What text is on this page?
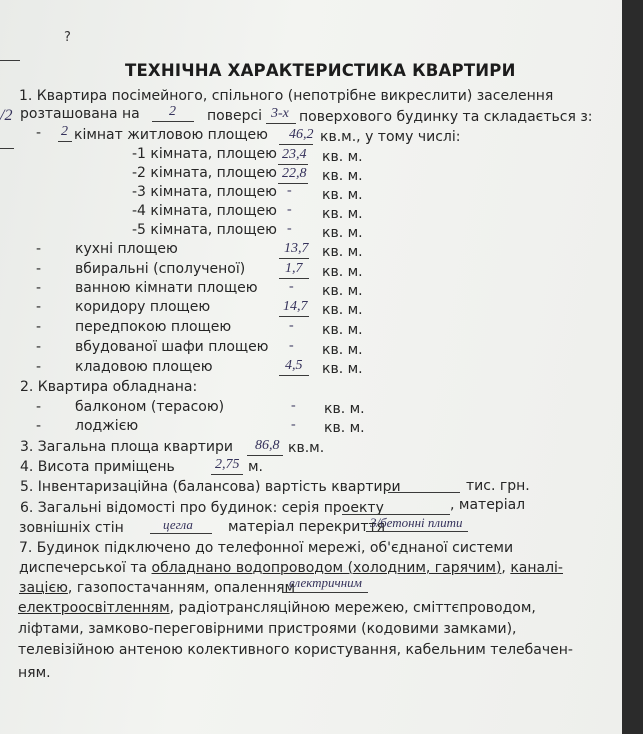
?
/2
ТЕХНІЧНА ХАРАКТЕРИСТИКА КВАРТИРИ
1. Квартира посімейного, спільного (непотрібне викреслити) заселення
розташована на 2 поверсі 3-х поверхового будинку та складається з:
- 2 кімнат житловою площею 46,2 кв.м., у тому числі:
-1 кімната, площею 23,4 кв. м.
-2 кімната, площею 22,8 кв. м.
-3 кімната, площею - кв. м.
-4 кімната, площею - кв. м.
-5 кімната, площею - кв. м.
- кухні площею	13,7 кв. м.
- вбиральні (сполученої)	1,7 кв. м.
- ванною кімнати площею - кв. м.
- коридору площею	14,7 кв. м.
- передпокою площею	- кв. м.
- вбудованої шафи площею - кв. м.
- кладовою площею	4,5 кв. м.
2. Квартира обладнана:
- балконом (терасою)	- кв. м.
- лоджією	- кв. м.
3. Загальна площа квартири 86,8 кв.м.
4. Висота приміщень	2,75 м.
5. Інвентаризаційна (балансова) вартість квартири	тис. грн.
6. Загальні відомості про будинок: серія проекту	, матеріал
зовнішніх стін	цегла	матеріал перекриття
3/бетонні плити
7. Будинок підключено до телефонної мережі, об'єднаної системи
диспечерської та обладнано водопроводом (холодним, гарячим), каналі-
зацією, газопостачанням, опаленням
електричним
електроосвітленням, радіотрансляційною мережею, сміттєпроводом,
ліфтами, замково-переговірними пристроями (кодовими замками),
телевізійною антеною колективного користування, кабельним телебачен-
ням.
